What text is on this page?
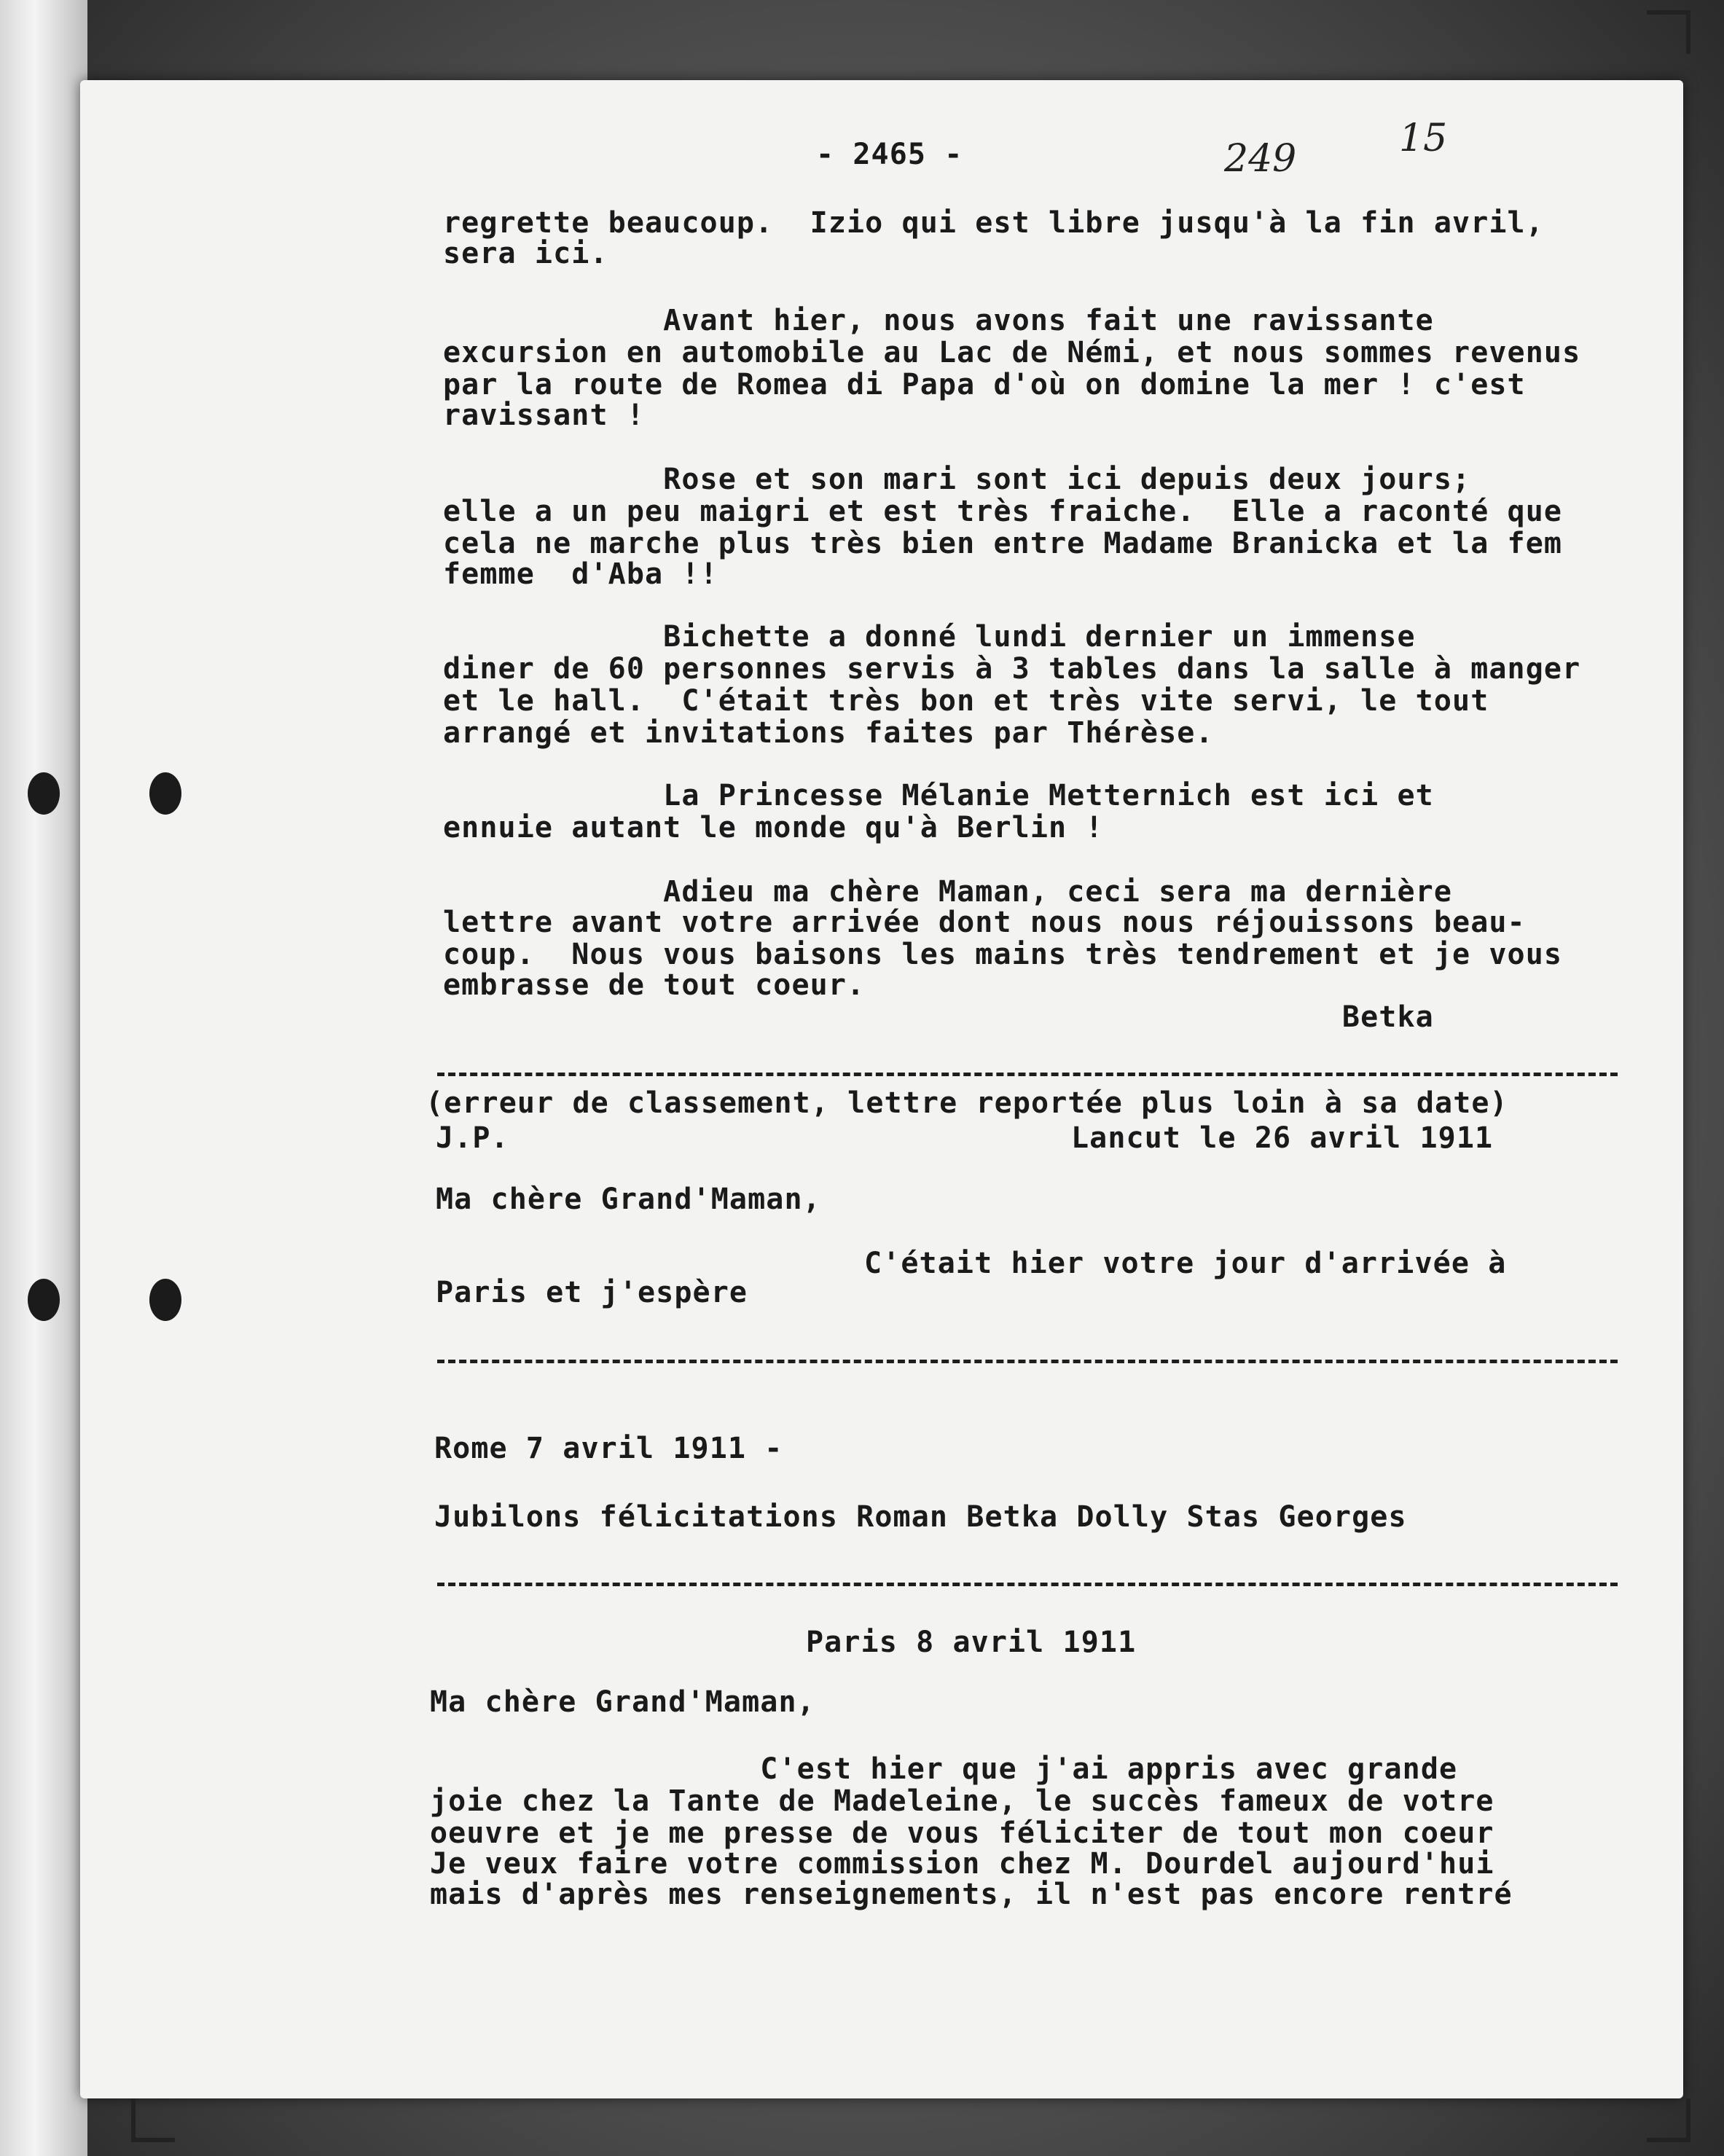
- 2465 -	249	15
regrette beaucoup.  Izio qui est libre jusqu'à la fin avril,
sera ici.
Avant hier, nous avons fait une ravissante
excursion en automobile au Lac de Némi, et nous sommes revenus
par la route de Romea di Papa d'où on domine la mer ! c'est
ravissant !
Rose et son mari sont ici depuis deux jours;
elle a un peu maigri et est très fraiche.  Elle a raconté que
cela ne marche plus très bien entre Madame Branicka et la fem
femme  d'Aba !!
Bichette a donné lundi dernier un immense
diner de 60 personnes servis à 3 tables dans la salle à manger
et le hall.  C'était très bon et très vite servi, le tout
arrangé et invitations faites par Thérèse.
La Princesse Mélanie Metternich est ici et
ennuie autant le monde qu'à Berlin !
Adieu ma chère Maman, ceci sera ma dernière
lettre avant votre arrivée dont nous nous réjouissons beau-
coup.  Nous vous baisons les mains très tendrement et je vous
embrasse de tout coeur.
Betka
(erreur de classement, lettre reportée plus loin à sa date)
J.P.	Lancut le 26 avril 1911
Ma chère Grand'Maman,
C'était hier votre jour d'arrivée à
Paris et j'espère
Rome 7 avril 1911 -
Jubilons félicitations Roman Betka Dolly Stas Georges
Paris 8 avril 1911
Ma chère Grand'Maman,
C'est hier que j'ai appris avec grande
joie chez la Tante de Madeleine, le succès fameux de votre
oeuvre et je me presse de vous féliciter de tout mon coeur
Je veux faire votre commission chez M. Dourdel aujourd'hui
mais d'après mes renseignements, il n'est pas encore rentré
